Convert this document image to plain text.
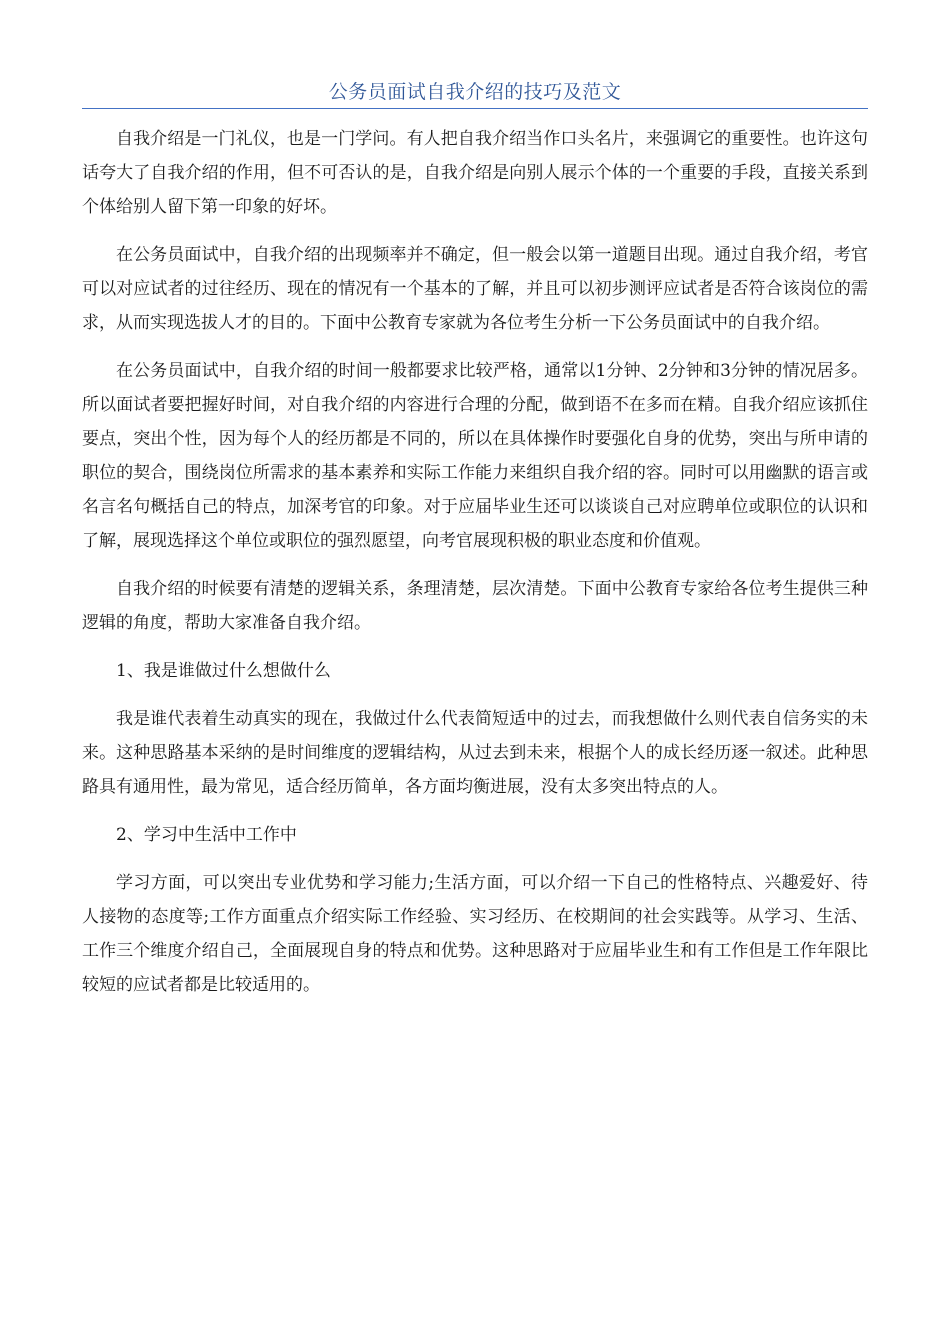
公务员面试自我介绍的技巧及范文

自我介绍是一门礼仪，也是一门学问。有人把自我介绍当作口头名片，来强调它的重要性。也许这句话夸大了自我介绍的作用，但不可否认的是，自我介绍是向别人展示个体的一个重要的手段，直接关系到个体给别人留下第一印象的好坏。

在公务员面试中，自我介绍的出现频率并不确定，但一般会以第一道题目出现。通过自我介绍，考官可以对应试者的过往经历、现在的情况有一个基本的了解，并且可以初步测评应试者是否符合该岗位的需求，从而实现选拔人才的目的。下面中公教育专家就为各位考生分析一下公务员面试中的自我介绍。

在公务员面试中，自我介绍的时间一般都要求比较严格，通常以1分钟、2分钟和3分钟的情况居多。所以面试者要把握好时间，对自我介绍的内容进行合理的分配，做到语不在多而在精。自我介绍应该抓住要点，突出个性，因为每个人的经历都是不同的，所以在具体操作时要强化自身的优势，突出与所申请的职位的契合，围绕岗位所需求的基本素养和实际工作能力来组织自我介绍的容。同时可以用幽默的语言或名言名句概括自己的特点，加深考官的印象。对于应届毕业生还可以谈谈自己对应聘单位或职位的认识和了解，展现选择这个单位或职位的强烈愿望，向考官展现积极的职业态度和价值观。

自我介绍的时候要有清楚的逻辑关系，条理清楚，层次清楚。下面中公教育专家给各位考生提供三种逻辑的角度，帮助大家准备自我介绍。

1、我是谁做过什么想做什么

我是谁代表着生动真实的现在，我做过什么代表简短适中的过去，而我想做什么则代表自信务实的未来。这种思路基本采纳的是时间维度的逻辑结构，从过去到未来，根据个人的成长经历逐一叙述。此种思路具有通用性，最为常见，适合经历简单，各方面均衡进展，没有太多突出特点的人。

2、学习中生活中工作中

学习方面，可以突出专业优势和学习能力;生活方面，可以介绍一下自己的性格特点、兴趣爱好、待人接物的态度等;工作方面重点介绍实际工作经验、实习经历、在校期间的社会实践等。从学习、生活、工作三个维度介绍自己，全面展现自身的特点和优势。这种思路对于应届毕业生和有工作但是工作年限比较短的应试者都是比较适用的。
